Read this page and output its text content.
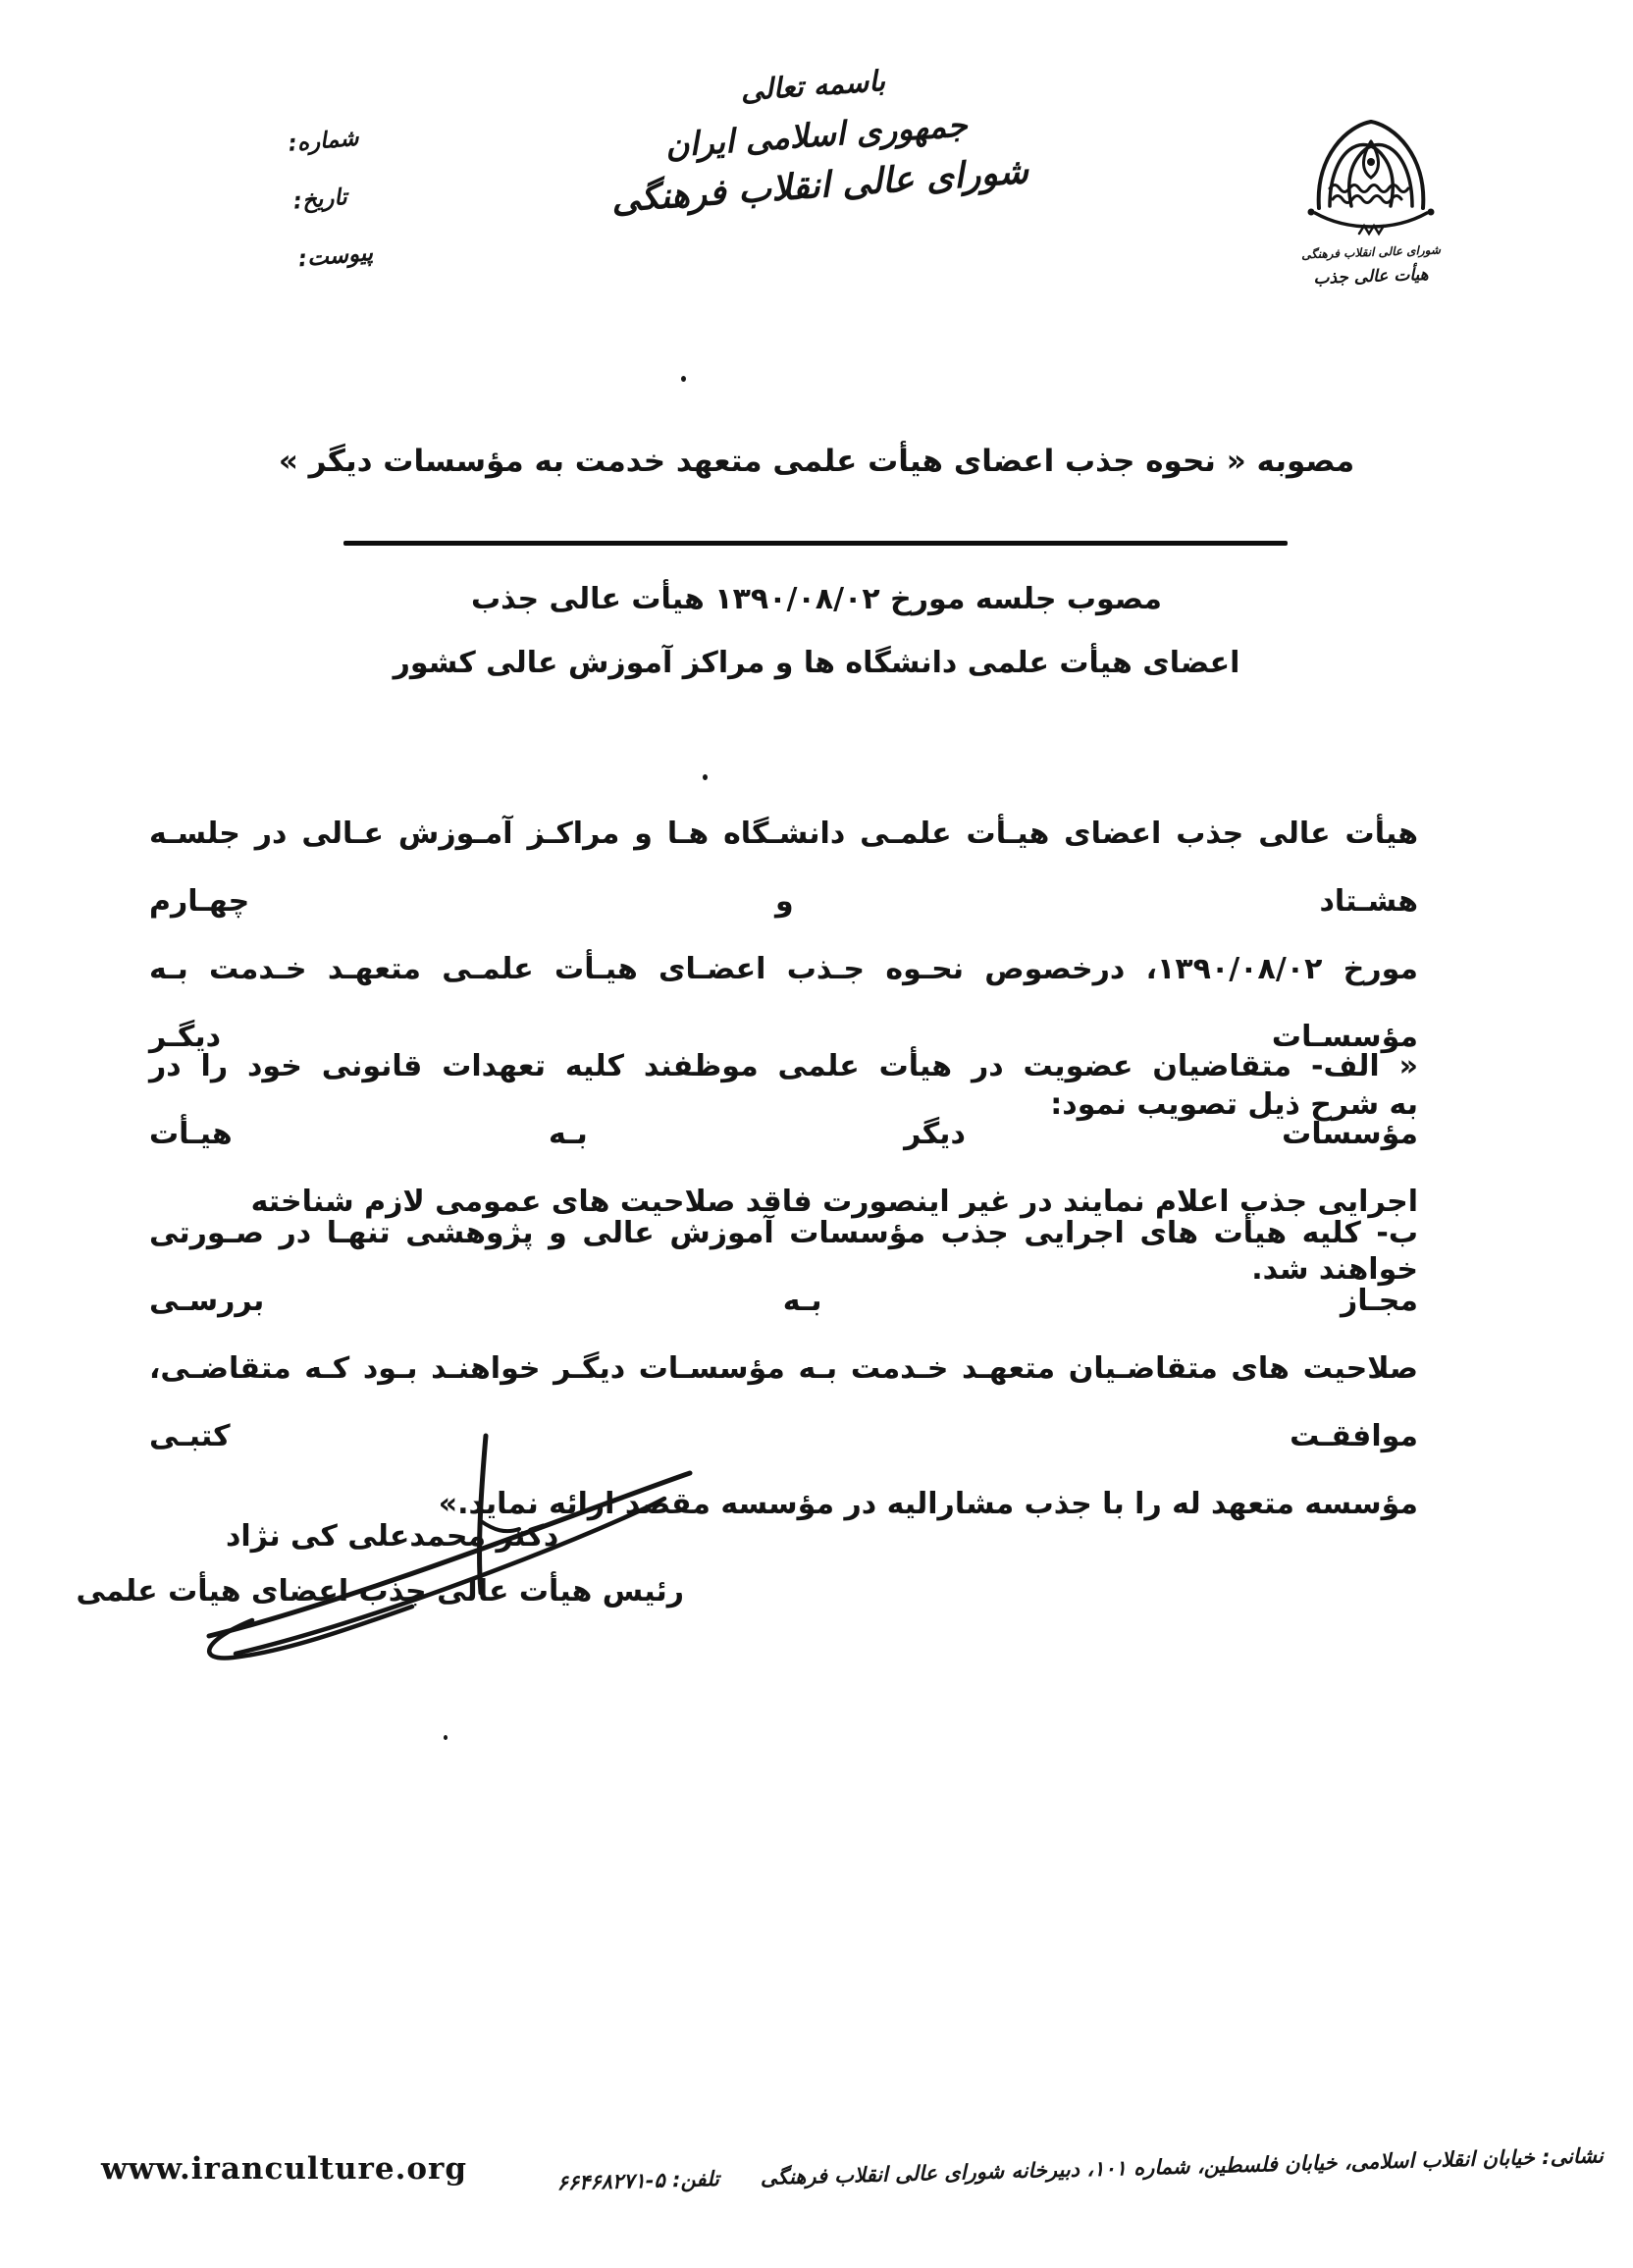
شماره:
تاریخ:
پیوست:
باسمه تعالی
جمهوری اسلامی ایران
شورای عالی انقلاب فرهنگی
شورای عالی انقلاب فرهنگی
هیأت عالی جذب
مصوبه « نحوه جذب اعضای هیأت علمی متعهد خدمت به مؤسسات دیگر »
مصوب جلسه مورخ ۱۳۹۰/۰۸/۰۲ هیأت عالی جذب
اعضای هیأت علمی دانشگاه ها و مراکز آموزش عالی کشور
هیأت عالی جذب اعضای هیـأت علمـی دانشـگاه هـا و مراکـز آمـوزش عـالی در جلسـه هشـتاد و چهـارم
مورخ ۱۳۹۰/۰۸/۰۲، درخصوص نحـوه جـذب اعضـای هیـأت علمـی متعهـد خـدمت بـه مؤسسـات دیگـر
به شرح ذیل تصویب نمود:
« الف- متقاضیان عضویت در هیأت علمی موظفند کلیه تعهدات قانونی خود را در مؤسسات دیگر بـه هیـأت
اجرایی جذب اعلام نمایند در غیر اینصورت فاقد صلاحیت های عمومی لازم شناخته خواهند شد.
ب- کلیه هیأت های اجرایی جذب مؤسسات آموزش عالی و پژوهشی تنهـا در صـورتی مجـاز بـه بررسـی
صلاحیت های متقاضـیان متعهـد خـدمت بـه مؤسسـات دیگـر خواهنـد بـود کـه متقاضـی، موافقـت کتبـی
مؤسسه متعهد له را با جذب مشارالیه در مؤسسه مقصد ارائه نماید.»
دکتر محمدعلی کی نژاد
رئیس هیأت عالی جذب اعضای هیأت علمی
www.iranculture.org	نشانی: خیابان انقلاب اسلامی، خیابان فلسطین، شماره ۱۰۱، دبیرخانه شورای عالی انقلاب فرهنگی
تلفن: ۶۶۴۶۸۲۷۱-۵
